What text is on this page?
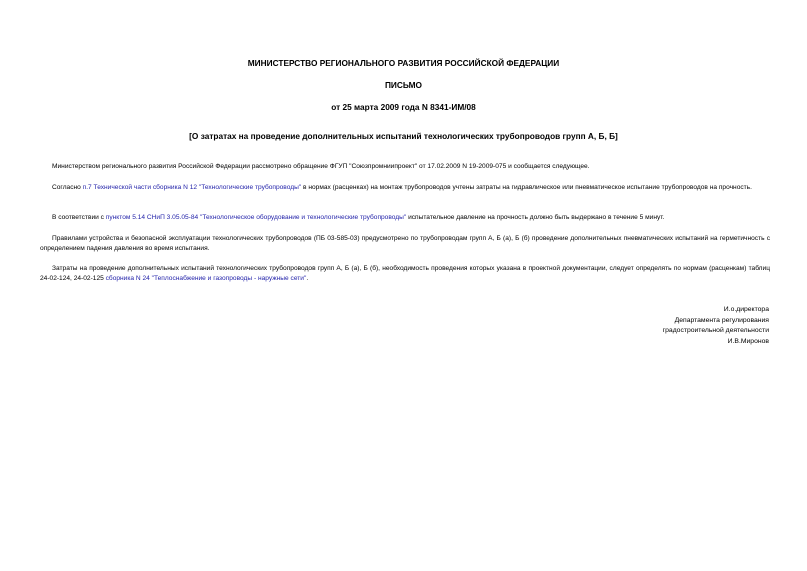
МИНИСТЕРСТВО РЕГИОНАЛЬНОГО РАЗВИТИЯ РОССИЙСКОЙ ФЕДЕРАЦИИ
ПИСЬМО
от 25 марта 2009 года N 8341-ИМ/08
[О затратах на проведение дополнительных испытаний технологических трубопроводов групп А, Б, Б]

Министерством регионального развития Российской Федерации рассмотрено обращение ФГУП "Союзпромниипроект" от 17.02.2009 N 19-2009-075 и сообщается следующее.

Согласно п.7 Технической части сборника N 12 "Технологические трубопроводы" в нормах (расценках) на монтаж трубопроводов учтены затраты на гидравлическое или пневматическое испытание трубопроводов на прочность.

В соответствии с пунктом 5.14 СНиП 3.05.05-84 "Технологическое оборудование и технологические трубопроводы" испытательное давление на прочность должно быть выдержано в течение 5 минут.

Правилами устройства и безопасной эксплуатации технологических трубопроводов (ПБ 03-585-03) предусмотрено по трубопроводам групп А, Б (а), Б (б) проведение дополнительных пневматических испытаний на герметичность с определением падения давления во время испытания.

Затраты на проведение дополнительных испытаний технологических трубопроводов групп А, Б (а), Б (б), необходимость проведения которых указана в проектной документации, следует определять по нормам (расценкам) таблиц 24-02-124, 24-02-125 сборника N 24 "Теплоснабжение и газопроводы - наружные сети".

И.о.директора
Департамента регулирования
градостроительной деятельности
И.В.Миронов
